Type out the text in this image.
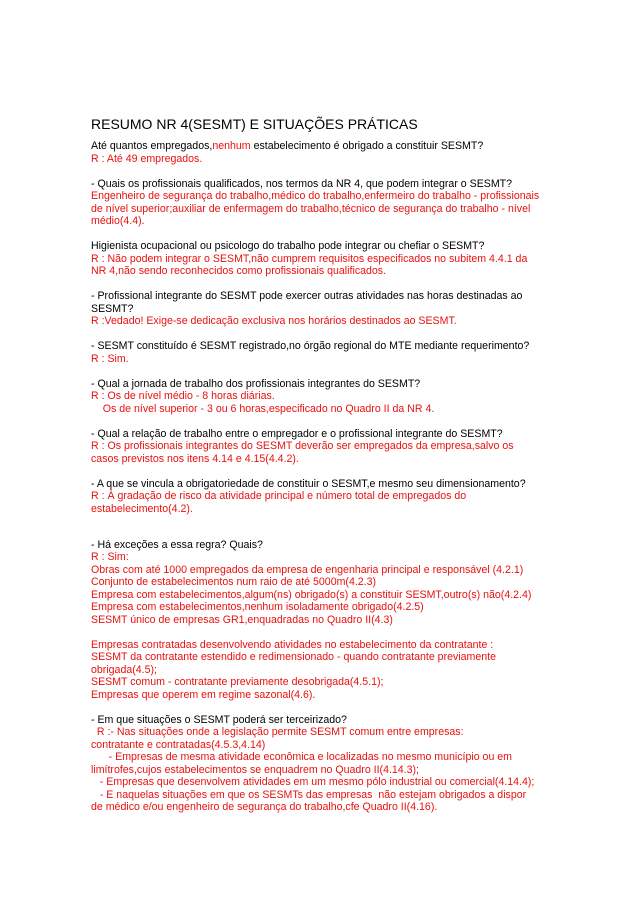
RESUMO NR 4(SESMT) E SITUAÇÕES PRÁTICAS
Até quantos empregados,nenhum estabelecimento é obrigado a constituir SESMT?
R : Até 49 empregados.
- Quais os profissionais qualificados, nos termos da NR 4, que podem integrar o SESMT?
Engenheiro de segurança do trabalho,médico do trabalho,enfermeiro do trabalho - profissionais
de nível superior;auxiliar de enfermagem do trabalho,técnico de segurança do trabalho - nível
médio(4.4).
Higienista ocupacional ou psicologo do trabalho pode integrar ou chefiar o SESMT?
R : Não podem integrar o SESMT,não cumprem requisitos especificados no subitem 4.4.1 da
NR 4,não sendo reconhecidos como profissionais qualificados.
- Profissional integrante do SESMT pode exercer outras atividades nas horas destinadas ao
SESMT?
R :Vedado! Exige-se dedicação exclusiva nos horários destinados ao SESMT.
- SESMT constituído é SESMT registrado,no órgão regional do MTE mediante requerimento?
R : Sim.
- Qual a jornada de trabalho dos profissionais integrantes do SESMT?
R : Os de nível médio - 8 horas diárias.
Os de nível superior - 3 ou 6 horas,especificado no Quadro II da NR 4.
- Qual a relação de trabalho entre o empregador e o profissional integrante do SESMT?
R : Os profissionais integrantes do SESMT deverão ser empregados da empresa,salvo os
casos previstos nos itens 4.14 e 4.15(4.4.2).
- A que se vincula a obrigatoriedade de constituir o SESMT,e mesmo seu dimensionamento?
R : À gradação de risco da atividade principal e número total de empregados do
estabelecimento(4.2).
- Há exceções a essa regra? Quais?
R : Sim:
Obras com até 1000 empregados da empresa de engenharia principal e responsável (4.2.1)
Conjunto de estabelecimentos num raio de até 5000m(4.2.3)
Empresa com estabelecimentos,algum(ns) obrigado(s) a constituir SESMT,outro(s) não(4.2.4)
Empresa com estabelecimentos,nenhum isoladamente obrigado(4.2.5)
SESMT único de empresas GR1,enquadradas no Quadro II(4.3)
Empresas contratadas desenvolvendo atividades no estabelecimento da contratante :
SESMT da contratante estendido e redimensionado - quando contratante previamente
obrigada(4.5);
SESMT comum - contratante previamente desobrigada(4.5.1);
Empresas que operem em regime sazonal(4.6).
- Em que situações o SESMT poderá ser terceirizado?
R :- Nas situações onde a legislação permite SESMT comum entre empresas:
contratante e contratadas(4.5.3,4.14)
- Empresas de mesma atividade econômica e localizadas no mesmo município ou em
limítrofes,cujos estabelecimentos se enquadrem no Quadro II(4.14.3);
- Empresas que desenvolvem atividades em um mesmo pólo industrial ou comercial(4.14.4);
- E naquelas situações em que os SESMTs das empresas  não estejam obrigados a dispor
de médico e/ou engenheiro de segurança do trabalho,cfe Quadro II(4.16).
